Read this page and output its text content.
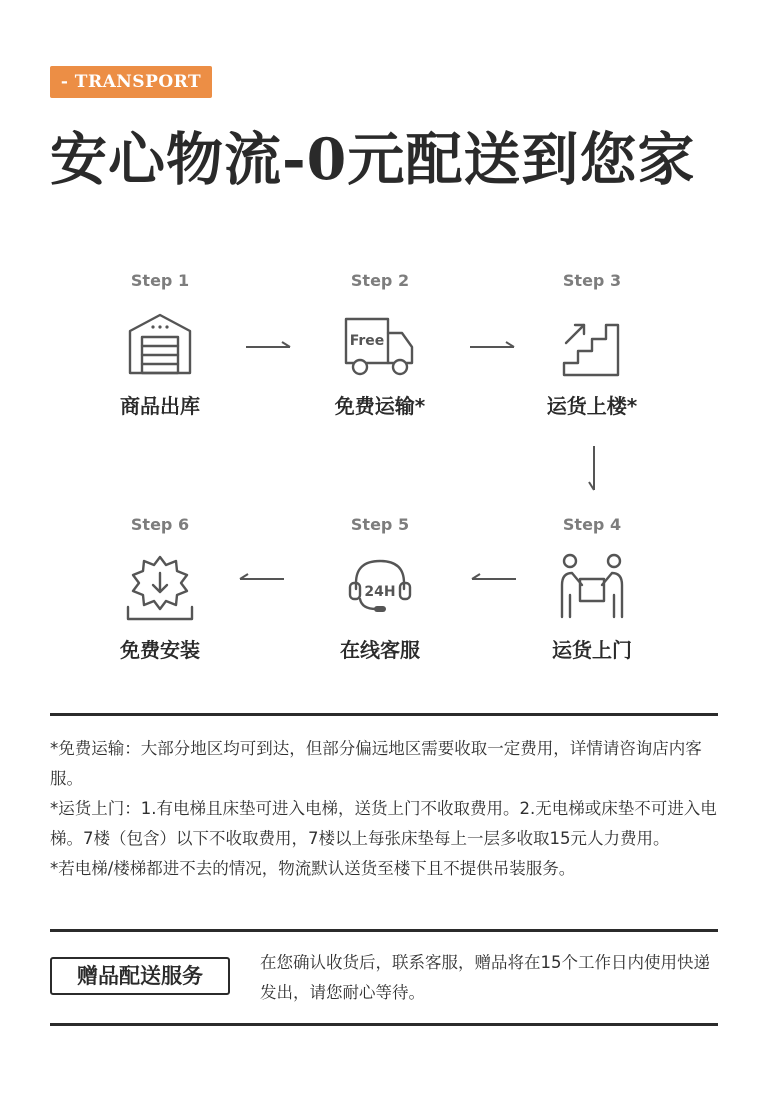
- TRANSPORT
安心物流-0元配送到您家
Step 1
商品出库
Step 2
Free
免费运输*
Step 3
运货上楼*
Step 4
运货上门
Step 5
24H
在线客服
Step 6
免费安装

*免费运输：大部分地区均可到达，但部分偏远地区需要收取一定费用，详情请咨询店内客服。

*运货上门：1.有电梯且床垫可进入电梯，送货上门不收取费用。2.无电梯或床垫不可进入电梯。7楼（包含）以下不收取费用，7楼以上每张床垫每上一层多收取15元人力费用。

*若电梯/楼梯都进不去的情况，物流默认送货至楼下且不提供吊装服务。

赠品配送服务
在您确认收货后，联系客服，赠品将在15个工作日内使用快递发出，请您耐心等待。
